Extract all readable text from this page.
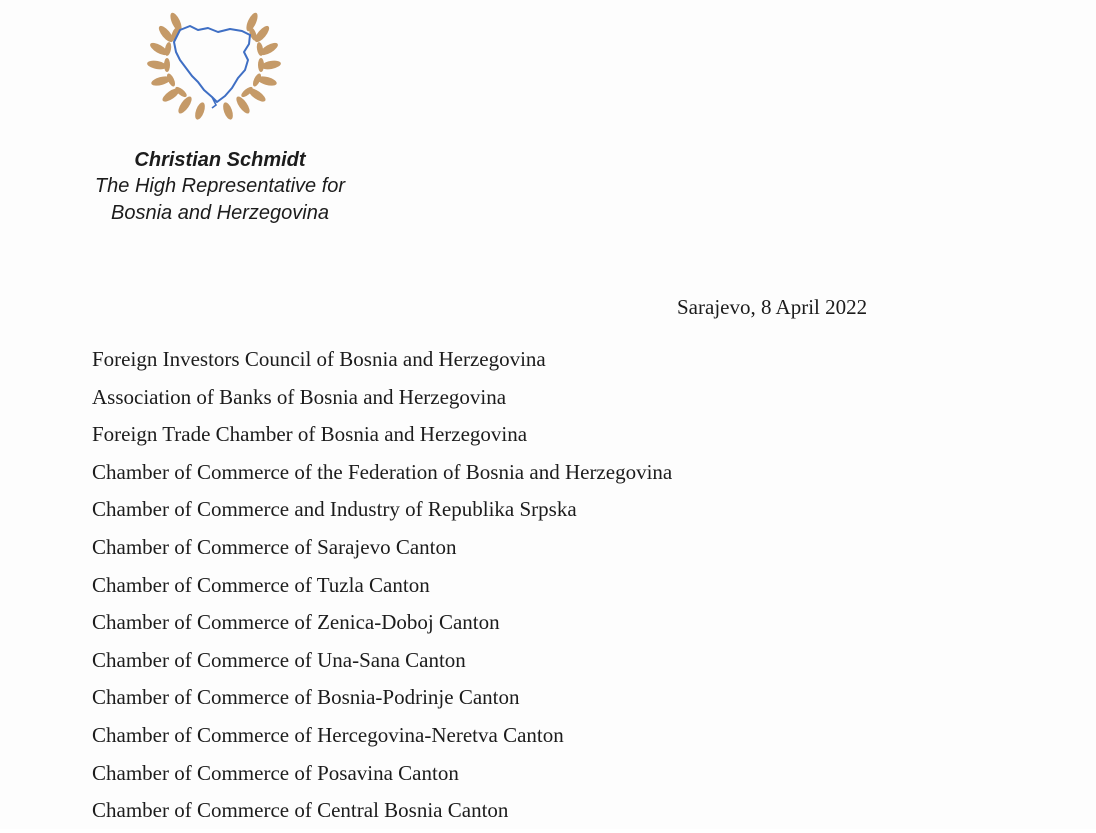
Christian Schmidt
The High Representative for
Bosnia and Herzegovina
Sarajevo, 8 April 2022
Foreign Investors Council of Bosnia and Herzegovina
Association of Banks of Bosnia and Herzegovina
Foreign Trade Chamber of Bosnia and Herzegovina
Chamber of Commerce of the Federation of Bosnia and Herzegovina
Chamber of Commerce and Industry of Republika Srpska
Chamber of Commerce of Sarajevo Canton
Chamber of Commerce of Tuzla Canton
Chamber of Commerce of Zenica-Doboj Canton
Chamber of Commerce of Una-Sana Canton
Chamber of Commerce of Bosnia-Podrinje Canton
Chamber of Commerce of Hercegovina-Neretva Canton
Chamber of Commerce of Posavina Canton
Chamber of Commerce of Central Bosnia Canton
